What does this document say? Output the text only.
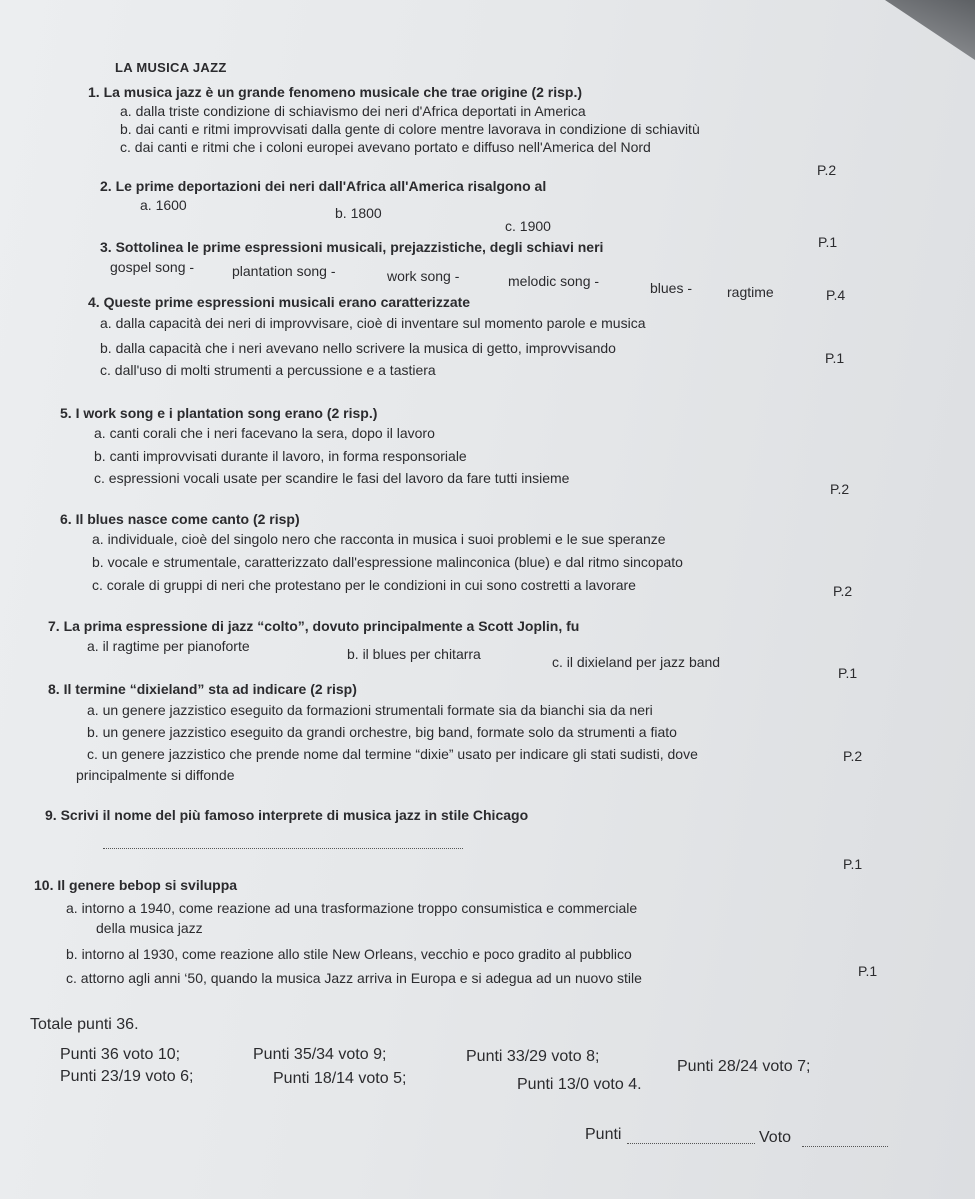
LA MUSICA JAZZ
1. La musica jazz è un grande fenomeno musicale che trae origine (2 risp.)
a. dalla triste condizione di schiavismo dei neri d'Africa deportati in America
b. dai canti e ritmi improvvisati dalla gente di colore mentre lavorava in condizione di schiavitù
c. dai canti e ritmi che i coloni europei avevano portato e diffuso nell'America del Nord
P.2
2. Le prime deportazioni dei neri dall'Africa all'America risalgono al
a. 1600	b. 1800
c. 1900
P.1
3. Sottolinea le prime espressioni musicali, prejazzistiche, degli schiavi neri
gospel song -	plantation song -	work song -	melodic song -	blues - ragtime	P.4
4. Queste prime espressioni musicali erano caratterizzate
a. dalla capacità dei neri di improvvisare, cioè di inventare sul momento parole e musica
b. dalla capacità che i neri avevano nello scrivere la musica di getto, improvvisando
c. dall'uso di molti strumenti a percussione e a tastiera
P.1
5. I work song e i plantation song erano (2 risp.)
a. canti corali che i neri facevano la sera, dopo il lavoro
b. canti improvvisati durante il lavoro, in forma responsoriale
c. espressioni vocali usate per scandire le fasi del lavoro da fare tutti insieme
P.2
6. Il blues nasce come canto (2 risp)
a. individuale, cioè del singolo nero che racconta in musica i suoi problemi e le sue speranze
b. vocale e strumentale, caratterizzato dall'espressione malinconica (blue) e dal ritmo sincopato
c. corale di gruppi di neri che protestano per le condizioni in cui sono costretti a lavorare	P.2
7. La prima espressione di jazz “colto”, dovuto principalmente a Scott Joplin, fu
a. il ragtime per pianoforte	b. il blues per chitarra	c. il dixieland per jazz band
P.1
8. Il termine “dixieland” sta ad indicare (2 risp)
a. un genere jazzistico eseguito da formazioni strumentali formate sia da bianchi sia da neri
b. un genere jazzistico eseguito da grandi orchestre, big band, formate solo da strumenti a fiato
c. un genere jazzistico che prende nome dal termine “dixie” usato per indicare gli stati sudisti, dove
principalmente si diffonde
P.2
9. Scrivi il nome del più famoso interprete di musica jazz in stile Chicago
P.1
10. Il genere bebop si sviluppa
a. intorno a 1940, come reazione ad una trasformazione troppo consumistica e commerciale
della musica jazz
b. intorno al 1930, come reazione allo stile New Orleans, vecchio e poco gradito al pubblico
c. attorno agli anni ‘50, quando la musica Jazz arriva in Europa e si adegua ad un nuovo stile	P.1
Totale punti 36.
Punti 36 voto 10;	Punti 35/34 voto 9;	Punti 33/29 voto 8;
Punti 28/24 voto 7;
Punti 23/19 voto 6;	Punti 18/14 voto 5;	Punti 13/0 voto 4.
Punti	Voto
